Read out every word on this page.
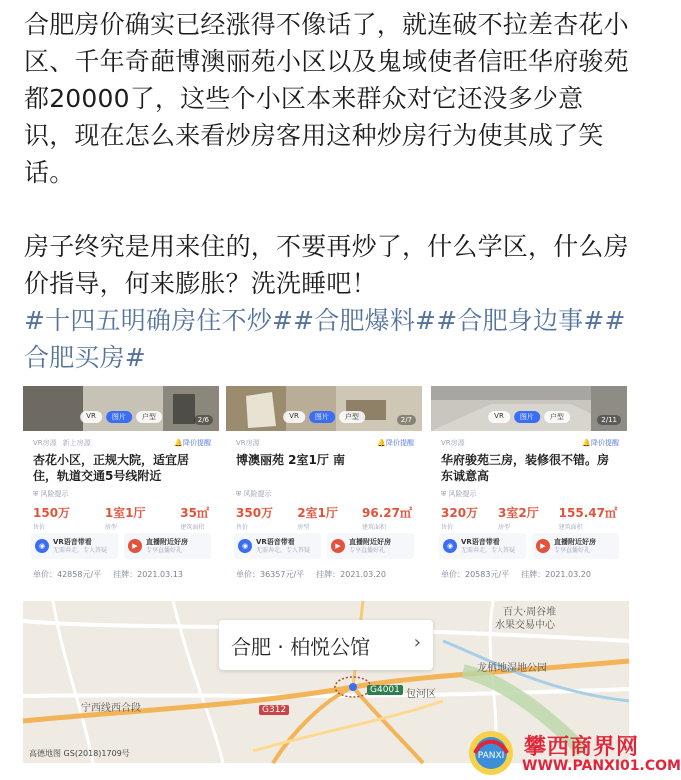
合肥房价确实已经涨得不像话了，就连破不拉差杏花小区、千年奇葩博澳丽苑小区以及鬼域使者信旺华府骏苑都20000了，这些个小区本来群众对它还没多少意识，现在怎么来看炒房客用这种炒房行为使其成了笑话。

房子终究是用来住的，不要再炒了，什么学区，什么房价指导，何来膨胀？洗洗睡吧！

#十四五明确房住不炒##合肥爆料##合肥身边事##合肥买房#
VR	图片	户型	2/6
VR房源 新上房源	🔔降价提醒
杏花小区，正规大院，适宜居住，轨道交通5号线附近
⛨ 风险提示
150万
售价
1室1厅
房型
35㎡
建筑面积
◉
VR语音带看
无需奔走，专人答疑	▶
直播附近好房
专享直播好礼
单价：42858元/平 挂牌：2021.03.13
VR	图片	户型	2/7
VR房源	🔔降价提醒
博澳丽苑 2室1厅 南
⛨ 风险提示
350万
售价
2室1厅
房型
96.27㎡
建筑面积
◉
VR语音带看
无需奔走，专人答疑	▶
直播附近好房
专享直播好礼
单价：36357元/平 挂牌：2021.03.20
VR	图片	户型	2/11
VR房源	🔔降价提醒
华府骏苑三房，装修很不错。房东诚意高
⛨ 风险提示
320万
售价
3室2厅
房型
155.47㎡
建筑面积
◉
VR语音带看
无需奔走，专人答疑	▶
直播附近好房
专享直播好礼
单价：20583元/平 挂牌：2021.03.20
合肥 · 柏悦公馆 ›
百大·周谷堆
水果交易中心
龙栖地湿地公园
宁西线西合段
包河区
G4001
G312
高德地图 GS(2018)1709号	PANXI 攀西商界网
WWW.PANXI01.COM
